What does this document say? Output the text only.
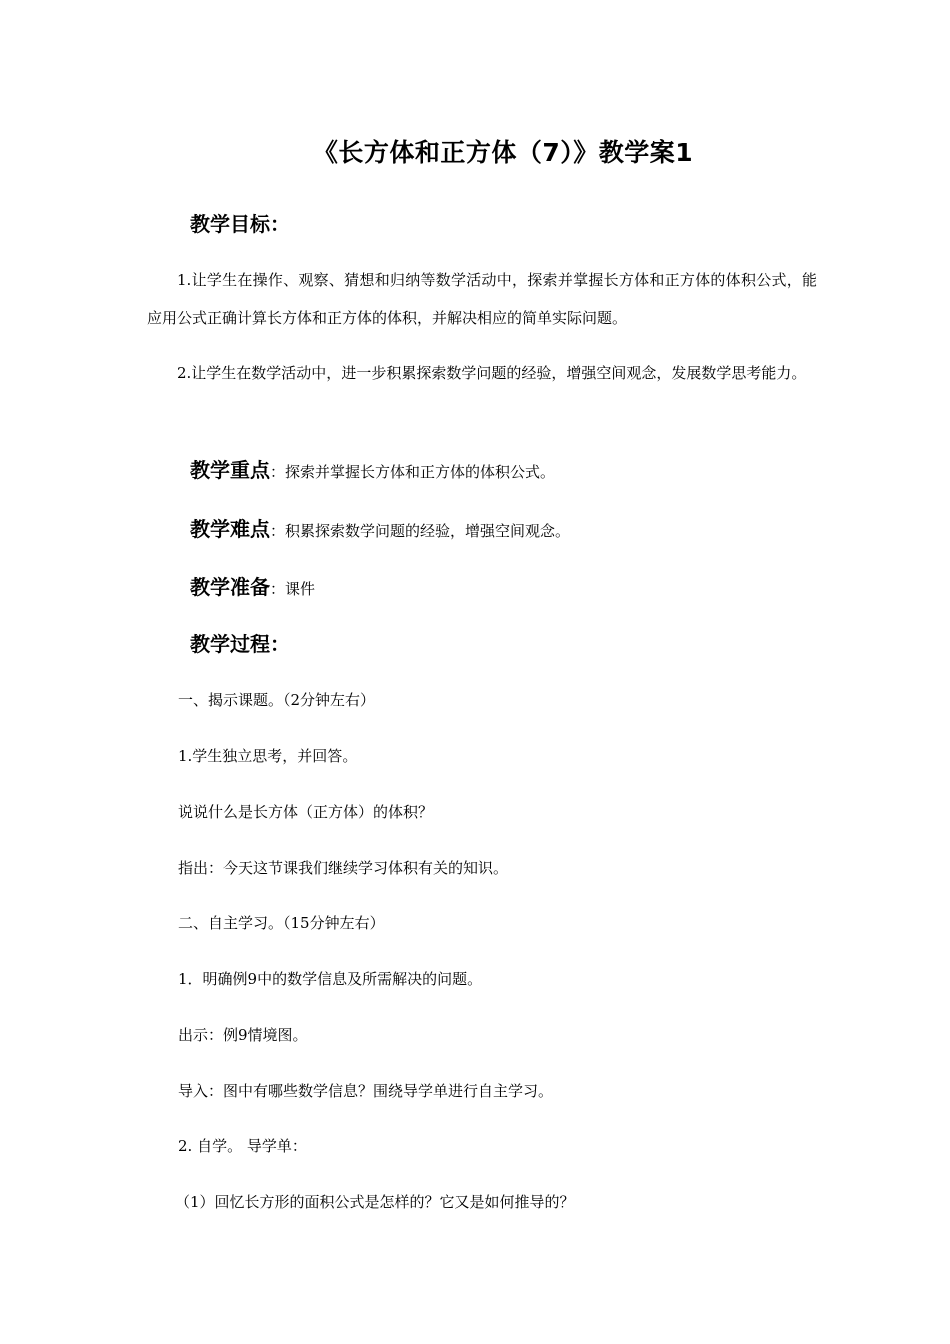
《长方体和正方体（7）》教学案1
教学目标：
1.让学生在操作、观察、猜想和归纳等数学活动中，探索并掌握长方体和正方体的体积公式，能应用公式正确计算长方体和正方体的体积，并解决相应的简单实际问题。
2.让学生在数学活动中，进一步积累探索数学问题的经验，增强空间观念，发展数学思考能力。
教学重点：探索并掌握长方体和正方体的体积公式。
教学难点：积累探索数学问题的经验，增强空间观念。
教学准备：课件
教学过程：
一、揭示课题。（2分钟左右）
1.学生独立思考，并回答。
说说什么是长方体（正方体）的体积？
指出：今天这节课我们继续学习体积有关的知识。
二、自主学习。（15分钟左右）
1．明确例9中的数学信息及所需解决的问题。
出示：例9情境图。
导入：图中有哪些数学信息？围绕导学单进行自主学习。
2. 自学。 导学单：
（1）回忆长方形的面积公式是怎样的？它又是如何推导的？
